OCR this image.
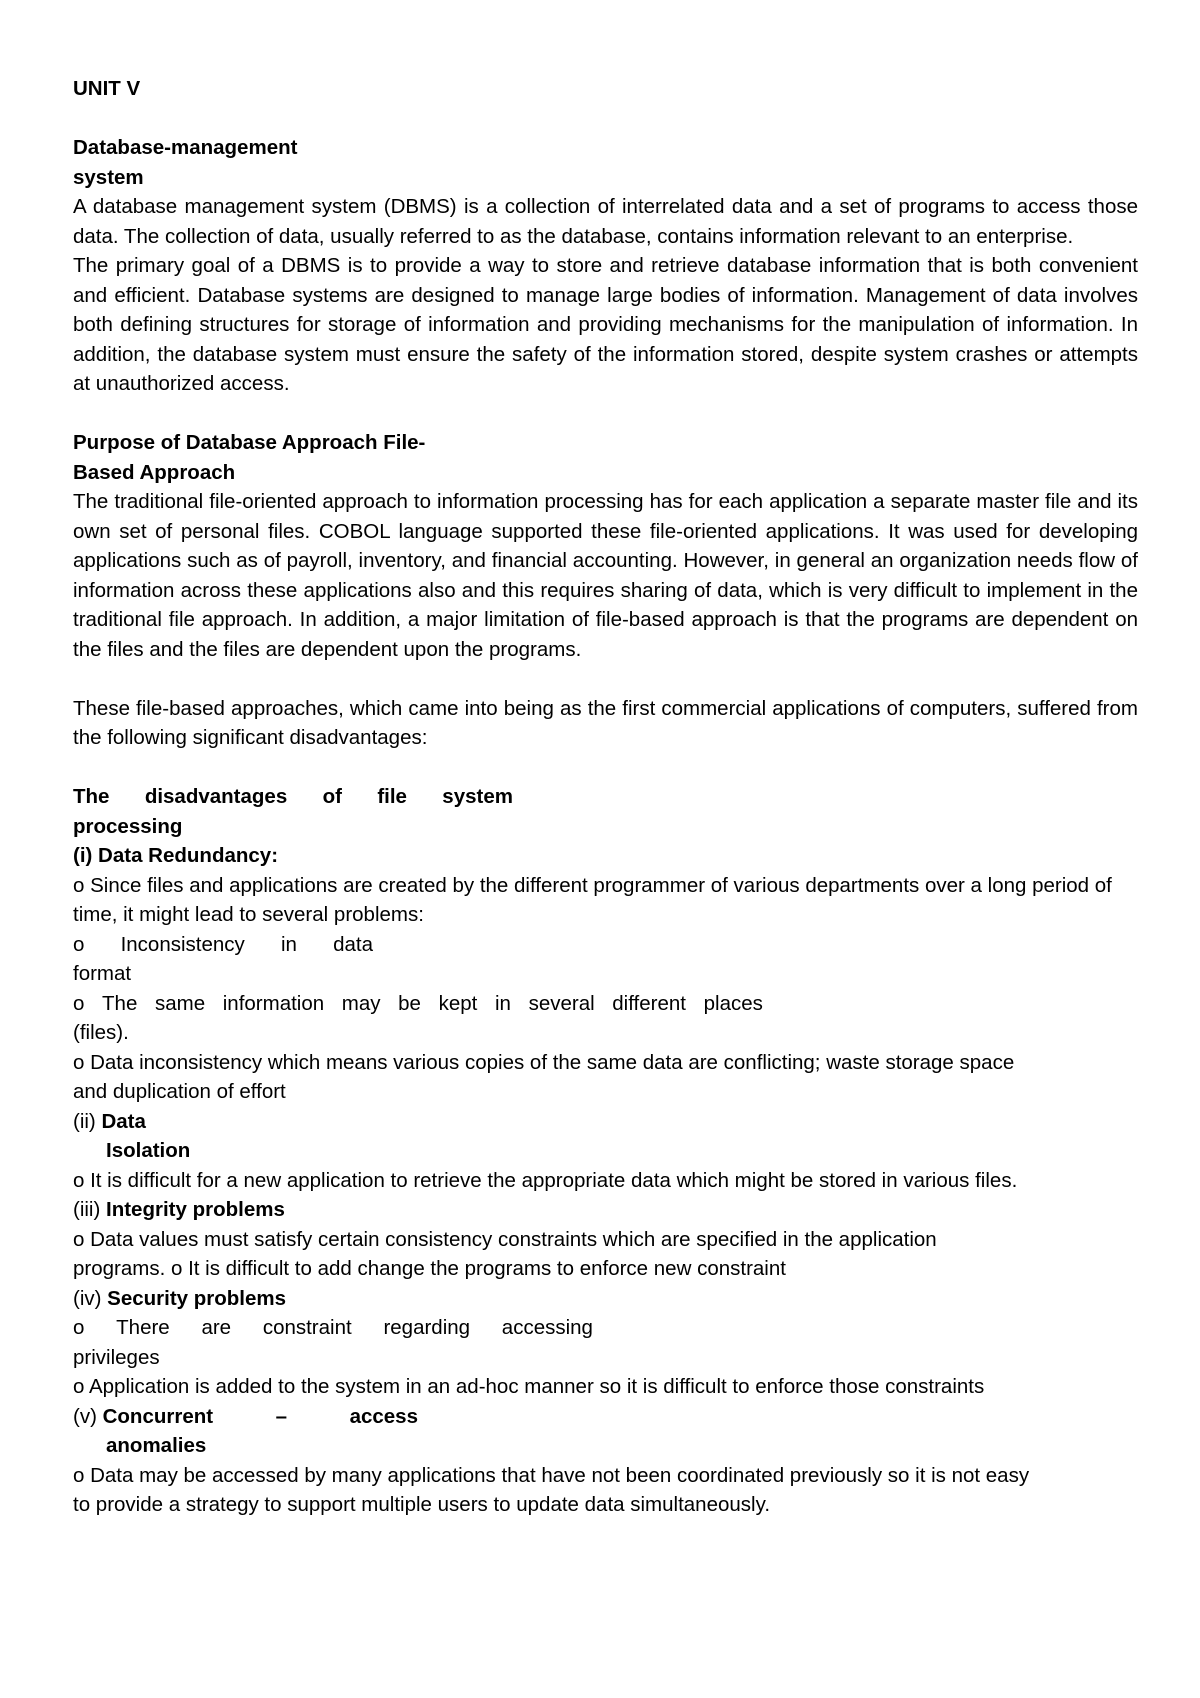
UNIT V

Database-management

system

A database management system (DBMS) is a collection of interrelated data and a set of programs to access those data. The collection of data, usually referred to as the database, contains information relevant to an enterprise.

The primary goal of a DBMS is to provide a way to store and retrieve database information that is both convenient and efficient. Database systems are designed to manage large bodies of information. Management of data involves both defining structures for storage of information and providing mechanisms for the manipulation of information. In addition, the database system must ensure the safety of the information stored, despite system crashes or attempts at unauthorized access.

Purpose of Database Approach File-

Based Approach

The traditional file-oriented approach to information processing has for each application a separate master file and its own set of personal files. COBOL language supported these file-oriented applications. It was used for developing applications such as of payroll, inventory, and financial accounting. However, in general an organization needs flow of information across these applications also and this requires sharing of data, which is very difficult to implement in the traditional file approach. In addition, a major limitation of file-based approach is that the programs are dependent on the files and the files are dependent upon the programs.

These file-based approaches, which came into being as the first commercial applications of computers, suffered from the following significant disadvantages:

The disadvantages of file system

processing

(i) Data Redundancy:

o Since files and applications are created by the different programmer of various departments over a long period of time, it might lead to several problems:

o Inconsistency in data

format

o The same information may be kept in several different places

(files).

o Data inconsistency which means various copies of the same data are conflicting; waste storage space

and duplication of effort

(ii) Data

Isolation

o It is difficult for a new application to retrieve the appropriate data which might be stored in various files.

(iii) Integrity problems

o Data values must satisfy certain consistency constraints which are specified in the application

programs. o It is difficult to add change the programs to enforce new constraint

(iv) Security problems

o There are constraint regarding accessing

privileges

o Application is added to the system in an ad-hoc manner so it is difficult to enforce those constraints

(v) Concurrent	–	access

anomalies

o Data may be accessed by many applications that have not been coordinated previously so it is not easy

to provide a strategy to support multiple users to update data simultaneously.
